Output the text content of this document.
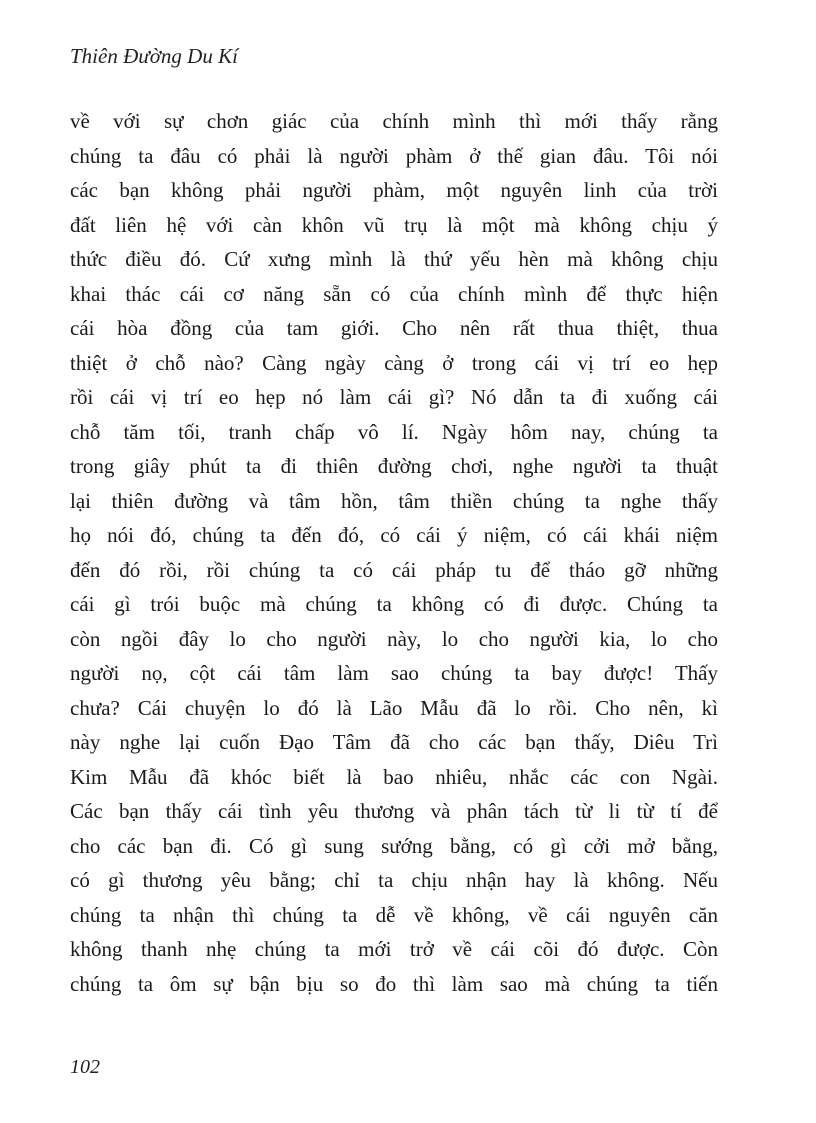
Thiên Đường Du Kí
về với sự chơn giác của chính mình thì mới thấy rằng
chúng ta đâu có phải là người phàm ở thế gian đâu. Tôi nói
các bạn không phải người phàm, một nguyên linh của trời
đất liên hệ với càn khôn vũ trụ là một mà không chịu ý
thức điều đó. Cứ xưng mình là thứ yếu hèn mà không chịu
khai thác cái cơ năng sẵn có của chính mình để thực hiện
cái hòa đồng của tam giới. Cho nên rất thua thiệt, thua
thiệt ở chỗ nào? Càng ngày càng ở trong cái vị trí eo hẹp
rồi cái vị trí eo hẹp nó làm cái gì? Nó dẫn ta đi xuống cái
chỗ tăm tối, tranh chấp vô lí. Ngày hôm nay, chúng ta
trong giây phút ta đi thiên đường chơi, nghe người ta thuật
lại thiên đường và tâm hồn, tâm thiền chúng ta nghe thấy
họ nói đó, chúng ta đến đó, có cái ý niệm, có cái khái niệm
đến đó rồi, rồi chúng ta có cái pháp tu để tháo gỡ những
cái gì trói buộc mà chúng ta không có đi được. Chúng ta
còn ngồi đây lo cho người này, lo cho người kia, lo cho
người nọ, cột cái tâm làm sao chúng ta bay được! Thấy
chưa? Cái chuyện lo đó là Lão Mẫu đã lo rồi. Cho nên, kì
này nghe lại cuốn Đạo Tâm đã cho các bạn thấy, Diêu Trì
Kim Mẫu đã khóc biết là bao nhiêu, nhắc các con Ngài.
Các bạn thấy cái tình yêu thương và phân tách từ li từ tí để
cho các bạn đi. Có gì sung sướng bằng, có gì cởi mở bằng,
có gì thương yêu bằng; chỉ ta chịu nhận hay là không. Nếu
chúng ta nhận thì chúng ta dễ về không, về cái nguyên căn
không thanh nhẹ chúng ta mới trở về cái cõi đó được. Còn
chúng ta ôm sự bận bịu so đo thì làm sao mà chúng ta tiến
102
